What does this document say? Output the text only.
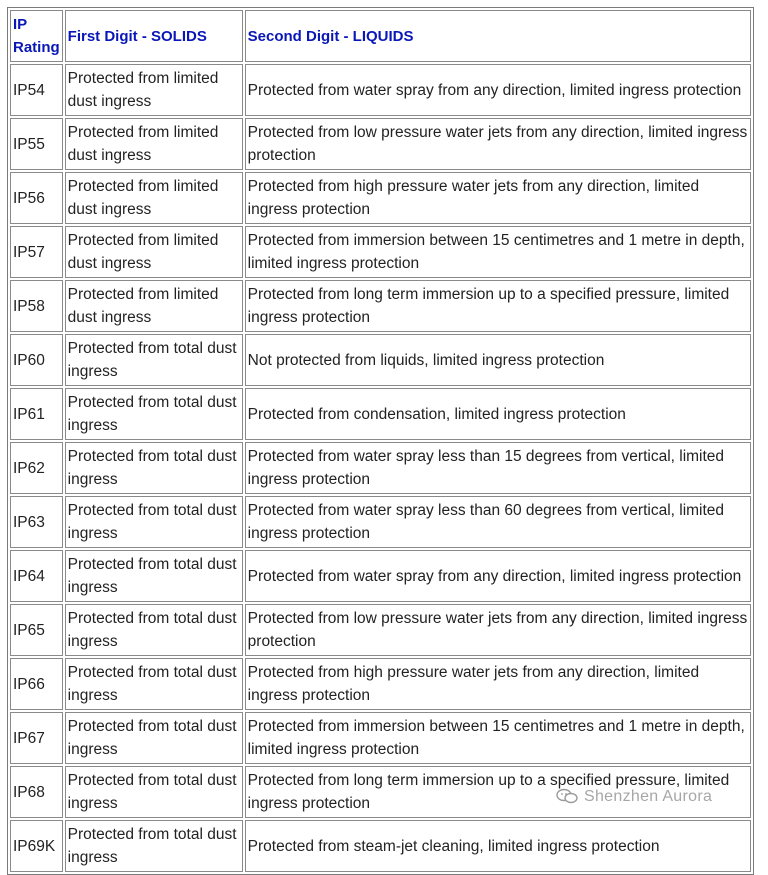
IP Rating	First Digit - SOLIDS	Second Digit - LIQUIDS
IP54	Protected from limited dust ingress	Protected from water spray from any direction, limited ingress protection
IP55	Protected from limited dust ingress	Protected from low pressure water jets from any direction, limited ingress protection
IP56	Protected from limited dust ingress	Protected from high pressure water jets from any direction, limited ingress protection
IP57	Protected from limited dust ingress	Protected from immersion between 15 centimetres and 1 metre in depth, limited ingress protection
IP58	Protected from limited dust ingress	Protected from long term immersion up to a specified pressure, limited ingress protection
IP60	Protected from total dust ingress	Not protected from liquids, limited ingress protection
IP61	Protected from total dust ingress	Protected from condensation, limited ingress protection
IP62	Protected from total dust ingress	Protected from water spray less than 15 degrees from vertical, limited ingress protection
IP63	Protected from total dust ingress	Protected from water spray less than 60 degrees from vertical, limited ingress protection
IP64	Protected from total dust ingress	Protected from water spray from any direction, limited ingress protection
IP65	Protected from total dust ingress	Protected from low pressure water jets from any direction, limited ingress protection
IP66	Protected from total dust ingress	Protected from high pressure water jets from any direction, limited ingress protection
IP67	Protected from total dust ingress	Protected from immersion between 15 centimetres and 1 metre in depth, limited ingress protection
IP68	Protected from total dust ingress	Protected from long term immersion up to a specified pressure, limited ingress protection
IP69K	Protected from total dust ingress	Protected from steam-jet cleaning, limited ingress protection
Shenzhen Aurora
